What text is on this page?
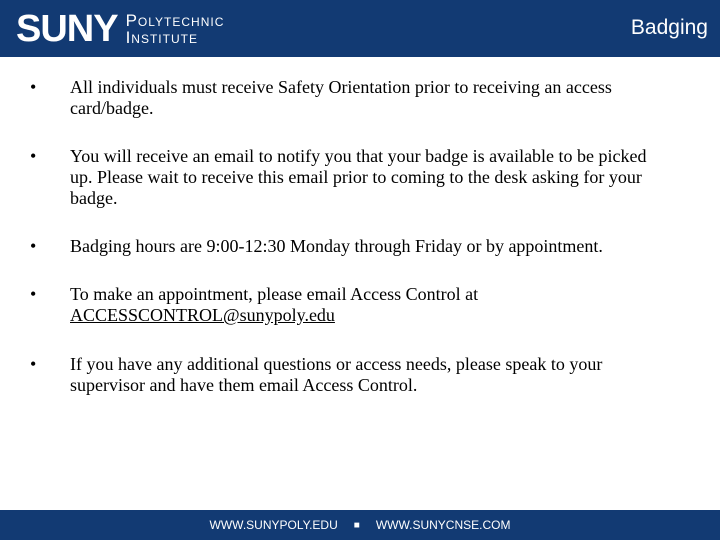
SUNY Polytechnic
Institute	Badging
•	All individuals must receive Safety Orientation prior to receiving an access card/badge.
•	You will receive an email to notify you that your badge is available to be picked up. Please wait to receive this email prior to coming to the desk asking for your badge.
•	Badging hours are 9:00-12:30 Monday through Friday or by appointment.
•	To make an appointment, please email Access Control at ACCESSCONTROL@sunypoly.edu
•	If you have any additional questions or access needs, please speak to your supervisor and have them email Access Control.
WWW.SUNYPOLY.EDU ■ WWW.SUNYCNSE.COM
